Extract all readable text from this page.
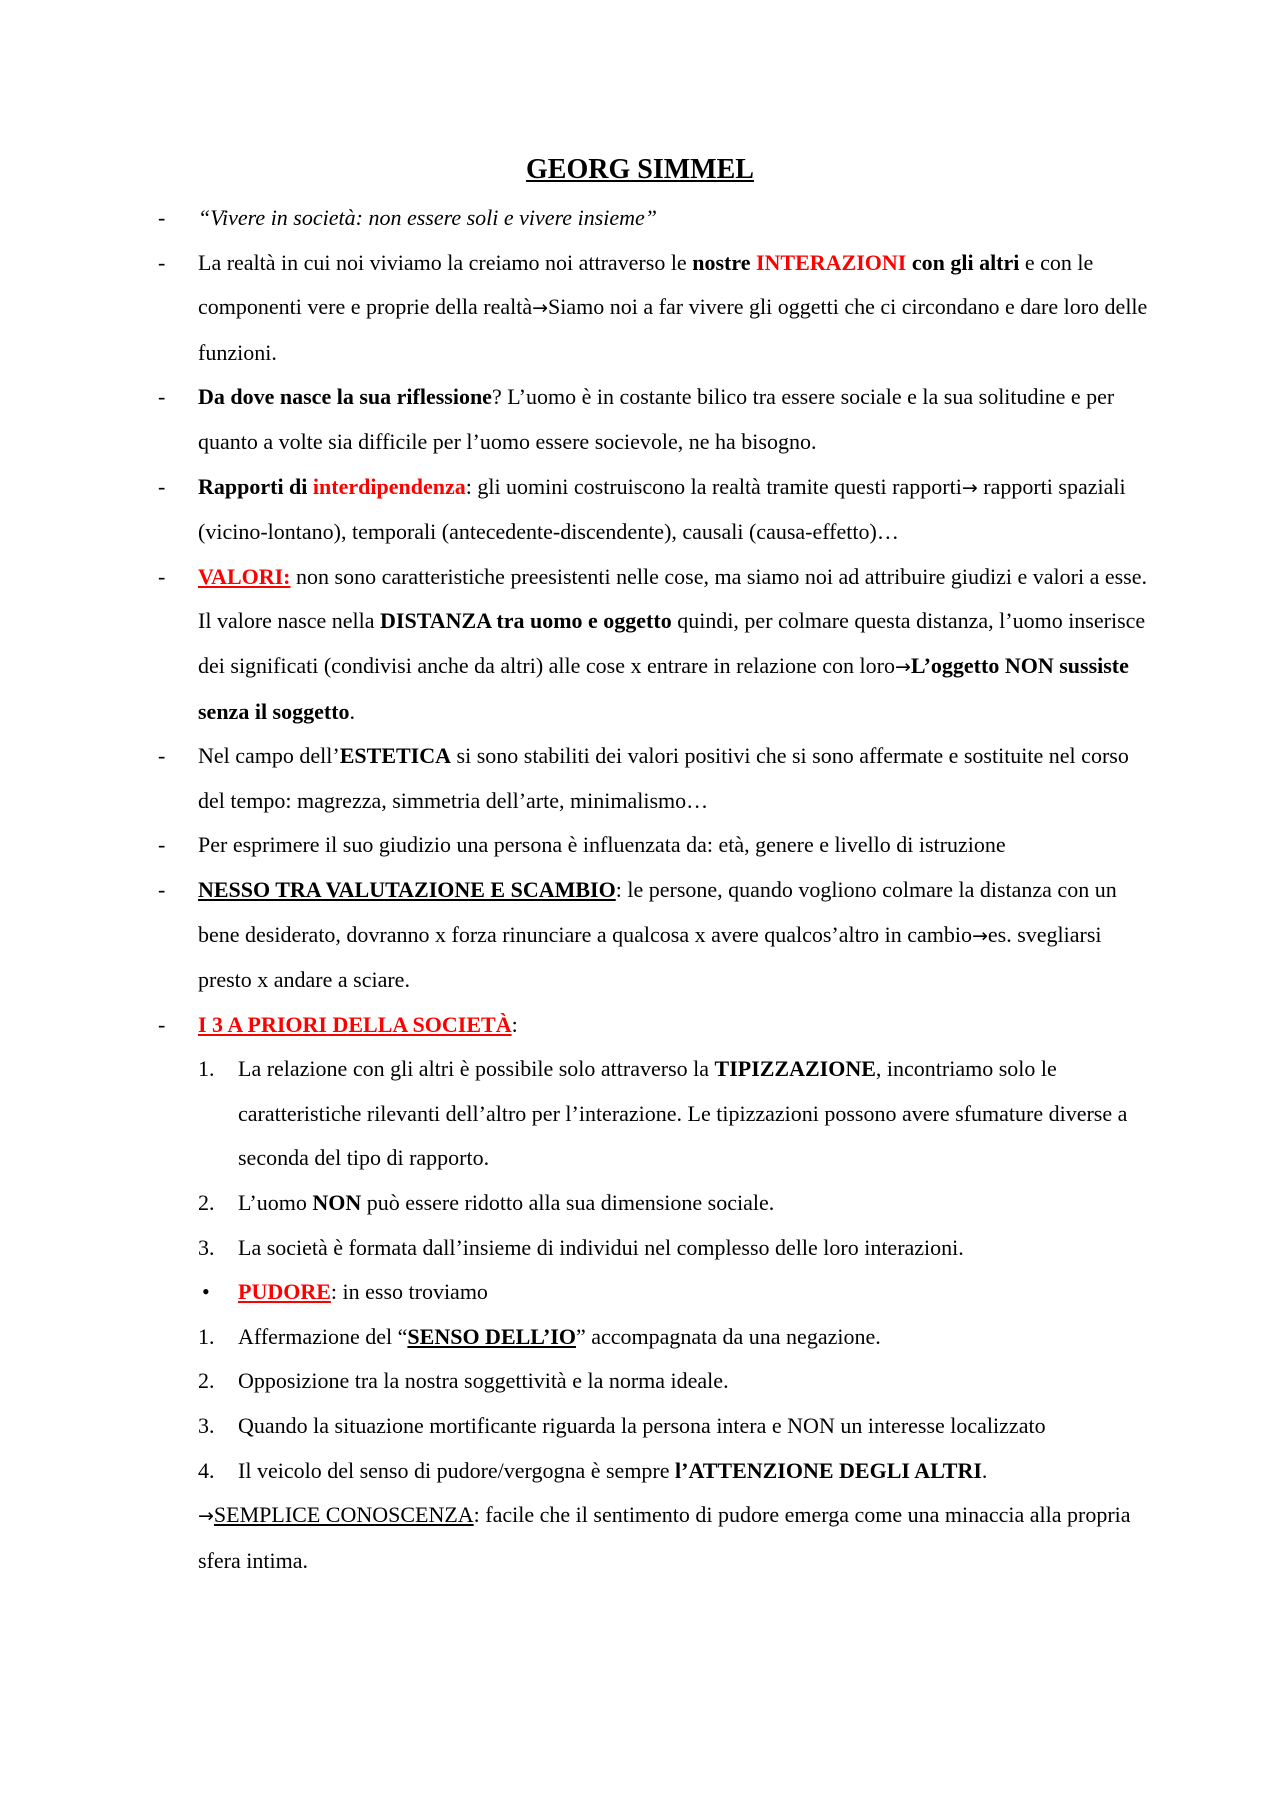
GEORG SIMMEL
-	“Vivere in società: non essere soli e vivere insieme”
-	La realtà in cui noi viviamo la creiamo noi attraverso le nostre INTERAZIONI con gli altri e con le componenti vere e proprie della realtà→Siamo noi a far vivere gli oggetti che ci circondano e dare loro delle funzioni.
-	Da dove nasce la sua riflessione? L’uomo è in costante bilico tra essere sociale e la sua solitudine e per quanto a volte sia difficile per l’uomo essere socievole, ne ha bisogno.
-	Rapporti di interdipendenza: gli uomini costruiscono la realtà tramite questi rapporti→ rapporti spaziali (vicino-lontano), temporali (antecedente-discendente), causali (causa-effetto)…
-	VALORI: non sono caratteristiche preesistenti nelle cose, ma siamo noi ad attribuire giudizi e valori a esse. Il valore nasce nella DISTANZA tra uomo e oggetto quindi, per colmare questa distanza, l’uomo inserisce dei significati (condivisi anche da altri) alle cose x entrare in relazione con loro→L’oggetto NON sussiste senza il soggetto.
-	Nel campo dell’ESTETICA si sono stabiliti dei valori positivi che si sono affermate e sostituite nel corso del tempo: magrezza, simmetria dell’arte, minimalismo…
-	Per esprimere il suo giudizio una persona è influenzata da: età, genere e livello di istruzione
-	NESSO TRA VALUTAZIONE E SCAMBIO: le persone, quando vogliono colmare la distanza con un bene desiderato, dovranno x forza rinunciare a qualcosa x avere qualcos’altro in cambio→es. svegliarsi presto x andare a sciare.
-	I 3 A PRIORI DELLA SOCIETÀ:
1.	La relazione con gli altri è possibile solo attraverso la TIPIZZAZIONE, incontriamo solo le caratteristiche rilevanti dell’altro per l’interazione. Le tipizzazioni possono avere sfumature diverse a seconda del tipo di rapporto.
2.	L’uomo NON può essere ridotto alla sua dimensione sociale.
3.	La società è formata dall’insieme di individui nel complesso delle loro interazioni.
• PUDORE: in esso troviamo
1.	Affermazione del “SENSO DELL’IO” accompagnata da una negazione.
2.	Opposizione tra la nostra soggettività e la norma ideale.
3.	Quando la situazione mortificante riguarda la persona intera e NON un interesse localizzato
4.	Il veicolo del senso di pudore/vergogna è sempre l’ATTENZIONE DEGLI ALTRI.
→SEMPLICE CONOSCENZA: facile che il sentimento di pudore emerga come una minaccia alla propria sfera intima.
